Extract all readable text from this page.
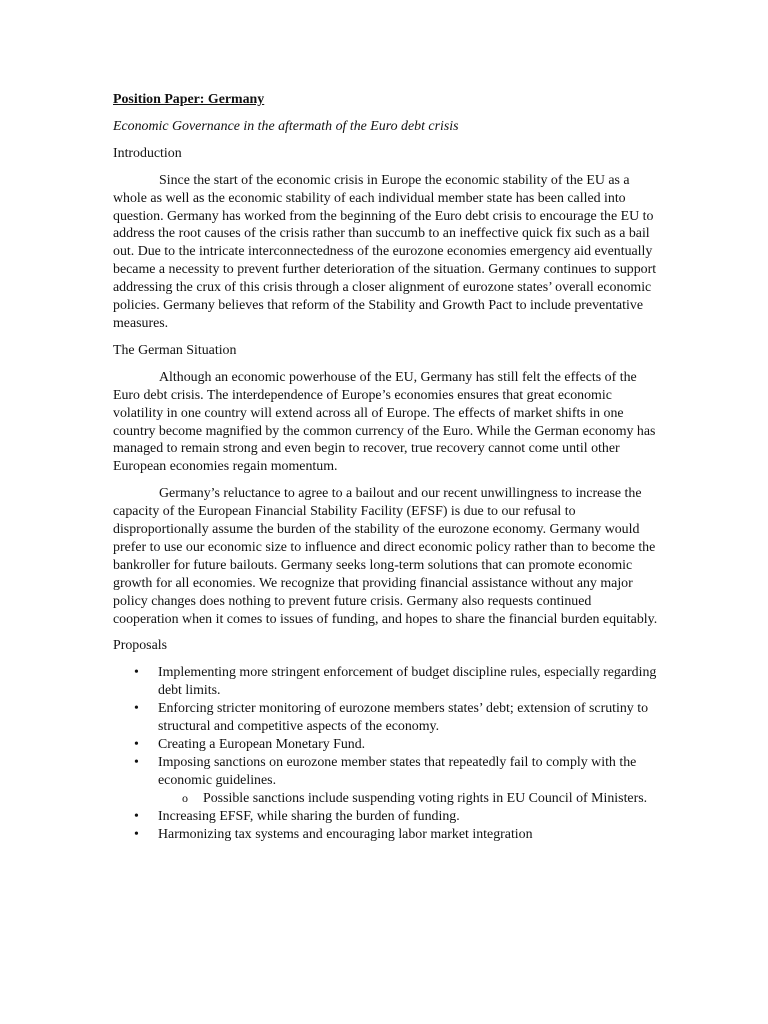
Position Paper: Germany

Economic Governance in the aftermath of the Euro debt crisis

Introduction

Since the start of the economic crisis in Europe the economic stability of the EU as a whole as well as the economic stability of each individual member state has been called into question. Germany has worked from the beginning of the Euro debt crisis to encourage the EU to address the root causes of the crisis rather than succumb to an ineffective quick fix such as a bail out. Due to the intricate interconnectedness of the eurozone economies emergency aid eventually became a necessity to prevent further deterioration of the situation. Germany continues to support addressing the crux of this crisis through a closer alignment of eurozone states’ overall economic policies. Germany believes that reform of the Stability and Growth Pact to include preventative measures.

The German Situation

Although an economic powerhouse of the EU, Germany has still felt the effects of the Euro debt crisis. The interdependence of Europe’s economies ensures that great economic volatility in one country will extend across all of Europe. The effects of market shifts in one country become magnified by the common currency of the Euro. While the German economy has managed to remain strong and even begin to recover, true recovery cannot come until other European economies regain momentum.

Germany’s reluctance to agree to a bailout and our recent unwillingness to increase the capacity of the European Financial Stability Facility (EFSF) is due to our refusal to disproportionally assume the burden of the stability of the eurozone economy. Germany would prefer to use our economic size to influence and direct economic policy rather than to become the bankroller for future bailouts. Germany seeks long-term solutions that can promote economic growth for all economies. We recognize that providing financial assistance without any major policy changes does nothing to prevent future crisis. Germany also requests continued cooperation when it comes to issues of funding, and hopes to share the financial burden equitably.

Proposals

• Implementing more stringent enforcement of budget discipline rules, especially regarding debt limits.
• Enforcing stricter monitoring of eurozone members states’ debt; extension of scrutiny to structural and competitive aspects of the economy.
• Creating a European Monetary Fund.
• Imposing sanctions on eurozone member states that repeatedly fail to comply with the economic guidelines.
o Possible sanctions include suspending voting rights in EU Council of Ministers.
• Increasing EFSF, while sharing the burden of funding.
• Harmonizing tax systems and encouraging labor market integration
